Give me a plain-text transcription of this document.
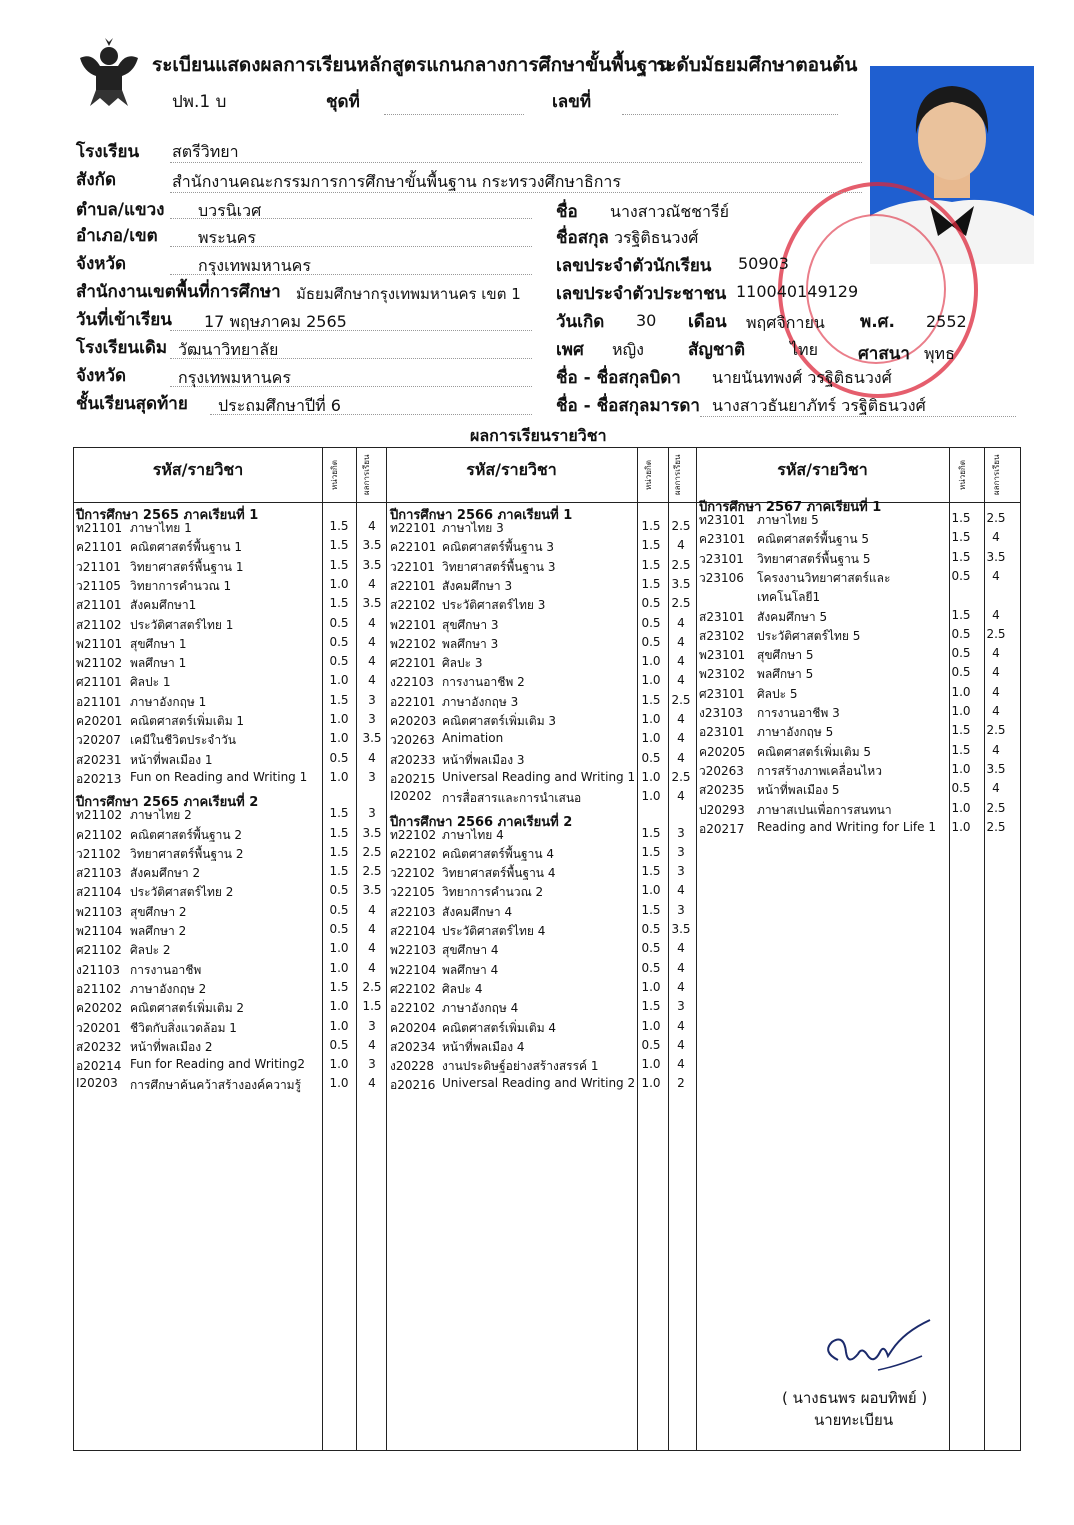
ระเบียนแสดงผลการเรียนหลักสูตรแกนกลางการศึกษาขั้นพื้นฐาน
ระดับมัธยมศึกษาตอนต้น
ปพ.1 บ	ชุดที่	เลขที่
โรงเรียน สตรีวิทยา
สังกัด	สำนักงานคณะกรรมการการศึกษาขั้นพื้นฐาน กระทรวงศึกษาธิการ
ตำบล/แขวง บวรนิเวศ
อำเภอ/เขต	พระนคร
จังหวัด	กรุงเทพมหานคร
สำนักงานเขตพื้นที่การศึกษา มัธยมศึกษากรุงเทพมหานคร เขต 1
วันที่เข้าเรียน 17 พฤษภาคม 2565
โรงเรียนเดิม วัฒนาวิทยาลัย
จังหวัด	กรุงเทพมหานคร
ชั้นเรียนสุดท้าย ประถมศึกษาปีที่ 6
ชื่อ นางสาวณัชชารีย์
ชื่อสกุล วรฐิติธนวงศ์
เลขประจำตัวนักเรียน 50903
เลขประจำตัวประชาชน 110040149129
วันเกิด 30 เดือน พฤศจิกายน พ.ศ. 2552
เพศ หญิง	สัญชาติ	ไทย ศาสนา พุทธ
ชื่อ - ชื่อสกุลบิดา นายนันทพงศ์ วรฐิติธนวงศ์
ชื่อ - ชื่อสกุลมารดา นางสาวธันยาภัทร์ วรฐิติธนวงศ์
ผลการเรียนรายวิชา
รหัส/รายวิชา	หน่วยกิต	ผลการเรียน	รหัส/รายวิชา	หน่วยกิต	ผลการเรียน	รหัส/รายวิชา	หน่วยกิต	ผลการเรียน
ปีการศึกษา 2565 ภาคเรียนที่ 1
ท21101 ภาษาไทย 1	1.5	4
ค21101 คณิตศาสตร์พื้นฐาน 1	1.5	3.5
ว21101 วิทยาศาสตร์พื้นฐาน 1	1.5	3.5
ว21105 วิทยาการคำนวณ 1	1.0	4
ส21101 สังคมศึกษา1	1.5	3.5
ส21102 ประวัติศาสตร์ไทย 1	0.5	4
พ21101 สุขศึกษา 1	0.5	4
พ21102 พลศึกษา 1	0.5	4
ศ21101 ศิลปะ 1	1.0	4
อ21101 ภาษาอังกฤษ 1	1.5	3
ค20201 คณิตศาสตร์เพิ่มเติม 1	1.0	3
ว20207 เคมีในชีวิตประจำวัน	1.0	3.5
ส20231 หน้าที่พลเมือง 1	0.5	4
อ20213 Fun on Reading and Writing 1	1.0	3
ปีการศึกษา 2565 ภาคเรียนที่ 2
ท21102 ภาษาไทย 2	1.5	3
ค21102 คณิตศาสตร์พื้นฐาน 2	1.5	3.5
ว21102 วิทยาศาสตร์พื้นฐาน 2	1.5	2.5
ส21103 สังคมศึกษา 2	1.5	2.5
ส21104 ประวัติศาสตร์ไทย 2	0.5	3.5
พ21103 สุขศึกษา 2	0.5	4
พ21104 พลศึกษา 2	0.5	4
ศ21102 ศิลปะ 2	1.0	4
ง21103 การงานอาชีพ	1.0	4
อ21102 ภาษาอังกฤษ 2	1.5	2.5
ค20202 คณิตศาสตร์เพิ่มเติม 2	1.0	1.5
ว20201 ชีวิตกับสิ่งแวดล้อม 1	1.0	3
ส20232 หน้าที่พลเมือง 2	0.5	4
อ20214 Fun for Reading and Writing2	1.0	3
I20203 การศึกษาค้นคว้าสร้างองค์ความรู้	1.0	4
ปีการศึกษา 2566 ภาคเรียนที่ 1
ท22101 ภาษาไทย 3	1.5 2.5
ค22101 คณิตศาสตร์พื้นฐาน 3	1.5	4
ว22101 วิทยาศาสตร์พื้นฐาน 3	1.5 2.5
ส22101 สังคมศึกษา 3	1.5 3.5
ส22102 ประวัติศาสตร์ไทย 3	0.5 2.5
พ22101 สุขศึกษา 3	0.5	4
พ22102 พลศึกษา 3	0.5	4
ศ22101 ศิลปะ 3	1.0	4
ง22103 การงานอาชีพ 2	1.0	4
อ22101 ภาษาอังกฤษ 3	1.5 2.5
ค20203 คณิตศาสตร์เพิ่มเติม 3	1.0	4
ว20263 Animation	1.0	4
ส20233 หน้าที่พลเมือง 3	0.5	4
อ20215 Universal Reading and Writing 1 1.0 2.5
I20202 การสื่อสารและการนำเสนอ	1.0	4
ปีการศึกษา 2566 ภาคเรียนที่ 2
ท22102 ภาษาไทย 4	1.5	3
ค22102 คณิตศาสตร์พื้นฐาน 4	1.5	3
ว22102 วิทยาศาสตร์พื้นฐาน 4	1.5	3
ว22105 วิทยาการคำนวณ 2	1.0	4
ส22103 สังคมศึกษา 4	1.5	3
ส22104 ประวัติศาสตร์ไทย 4	0.5 3.5
พ22103 สุขศึกษา 4	0.5	4
พ22104 พลศึกษา 4	0.5	4
ศ22102 ศิลปะ 4	1.0	4
อ22102 ภาษาอังกฤษ 4	1.5	3
ค20204 คณิตศาสตร์เพิ่มเติม 4	1.0	4
ส20234 หน้าที่พลเมือง 4	0.5	4
ง20228 งานประดิษฐ์อย่างสร้างสรรค์ 1	1.0	4
อ20216 Universal Reading and Writing 2 1.0	2
ปีการศึกษา 2567 ภาคเรียนที่ 1
ท23101 ภาษาไทย 5	1.5	2.5
ค23101 คณิตศาสตร์พื้นฐาน 5	1.5	4
ว23101 วิทยาศาสตร์พื้นฐาน 5	1.5	3.5
ว23106 โครงงานวิทยาศาสตร์และ	0.5	4
เทคโนโลยี1
ส23101 สังคมศึกษา 5	1.5	4
ส23102 ประวัติศาสตร์ไทย 5	0.5	2.5
พ23101 สุขศึกษา 5	0.5	4
พ23102 พลศึกษา 5	0.5	4
ศ23101 ศิลปะ 5	1.0	4
ง23103 การงานอาชีพ 3	1.0	4
อ23101 ภาษาอังกฤษ 5	1.5	2.5
ค20205 คณิตศาสตร์เพิ่มเติม 5	1.5	4
ว20263 การสร้างภาพเคลื่อนไหว	1.0	3.5
ส20235 หน้าที่พลเมือง 5	0.5	4
ป20293 ภาษาสเปนเพื่อการสนทนา	1.0	2.5
อ20217 Reading and Writing for Life 1	1.0	2.5
( นางธนพร ผอบทิพย์ )
นายทะเบียน
